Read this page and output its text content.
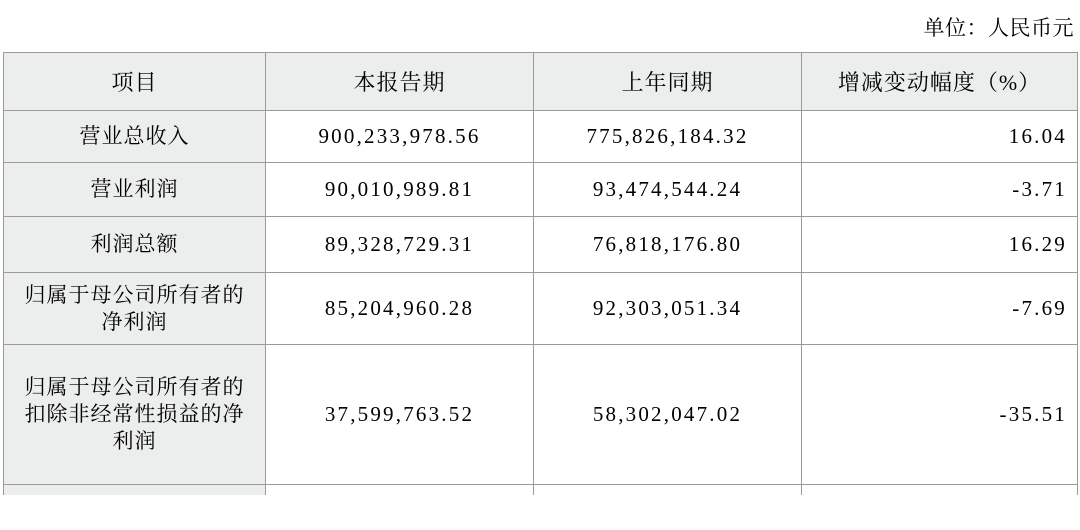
单位：人民币元
项目	本报告期	上年同期	增减变动幅度（%）
营业总收入	900,233,978.56	775,826,184.32	16.04
营业利润	90,010,989.81	93,474,544.24	-3.71
利润总额	89,328,729.31	76,818,176.80	16.29
归属于母公司所有者的净利润	85,204,960.28	92,303,051.34	-7.69
归属于母公司所有者的扣除非经常性损益的净利润	37,599,763.52	58,302,047.02	-35.51
